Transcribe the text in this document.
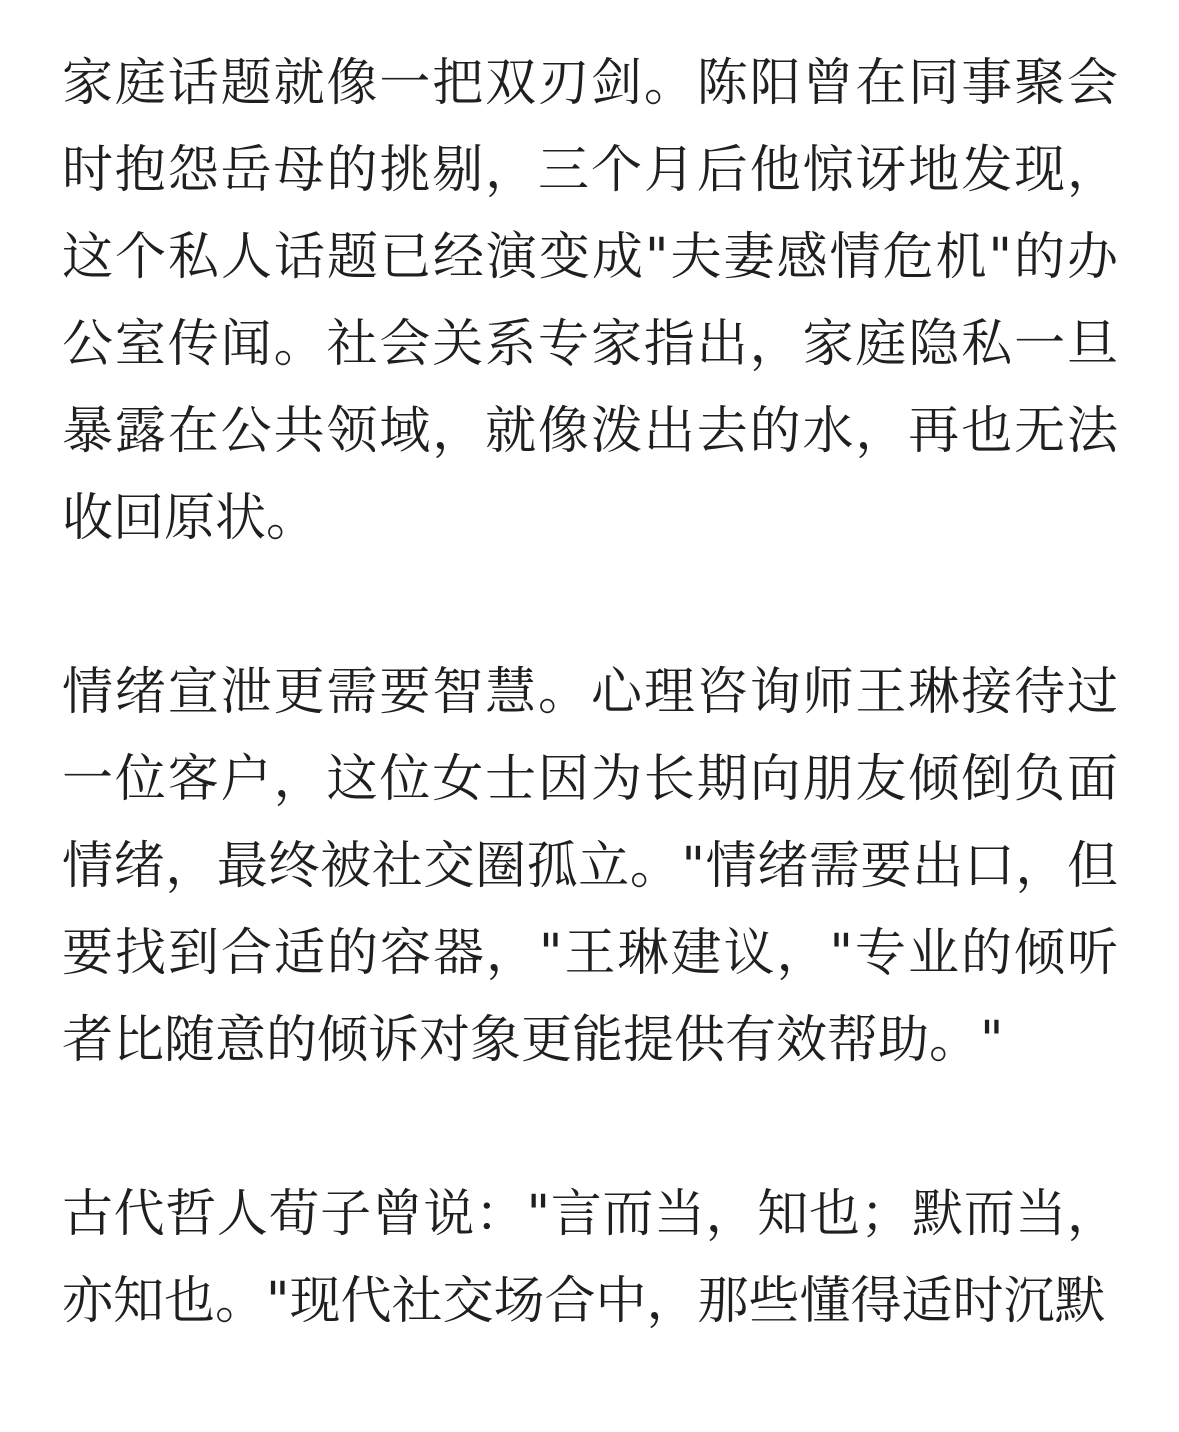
家庭话题就像一把双刃剑。陈阳曾在同事聚会时抱怨岳母的挑剔，三个月后他惊讶地发现，这个私人话题已经演变成"夫妻感情危机"的办公室传闻。社会关系专家指出，家庭隐私一旦暴露在公共领域，就像泼出去的水，再也无法收回原状。

情绪宣泄更需要智慧。心理咨询师王琳接待过一位客户，这位女士因为长期向朋友倾倒负面情绪，最终被社交圈孤立。"情绪需要出口，但要找到合适的容器，"王琳建议，"专业的倾听者比随意的倾诉对象更能提供有效帮助。"

古代哲人荀子曾说："言而当，知也；默而当，亦知也。"现代社交场合中，那些懂得适时沉默
